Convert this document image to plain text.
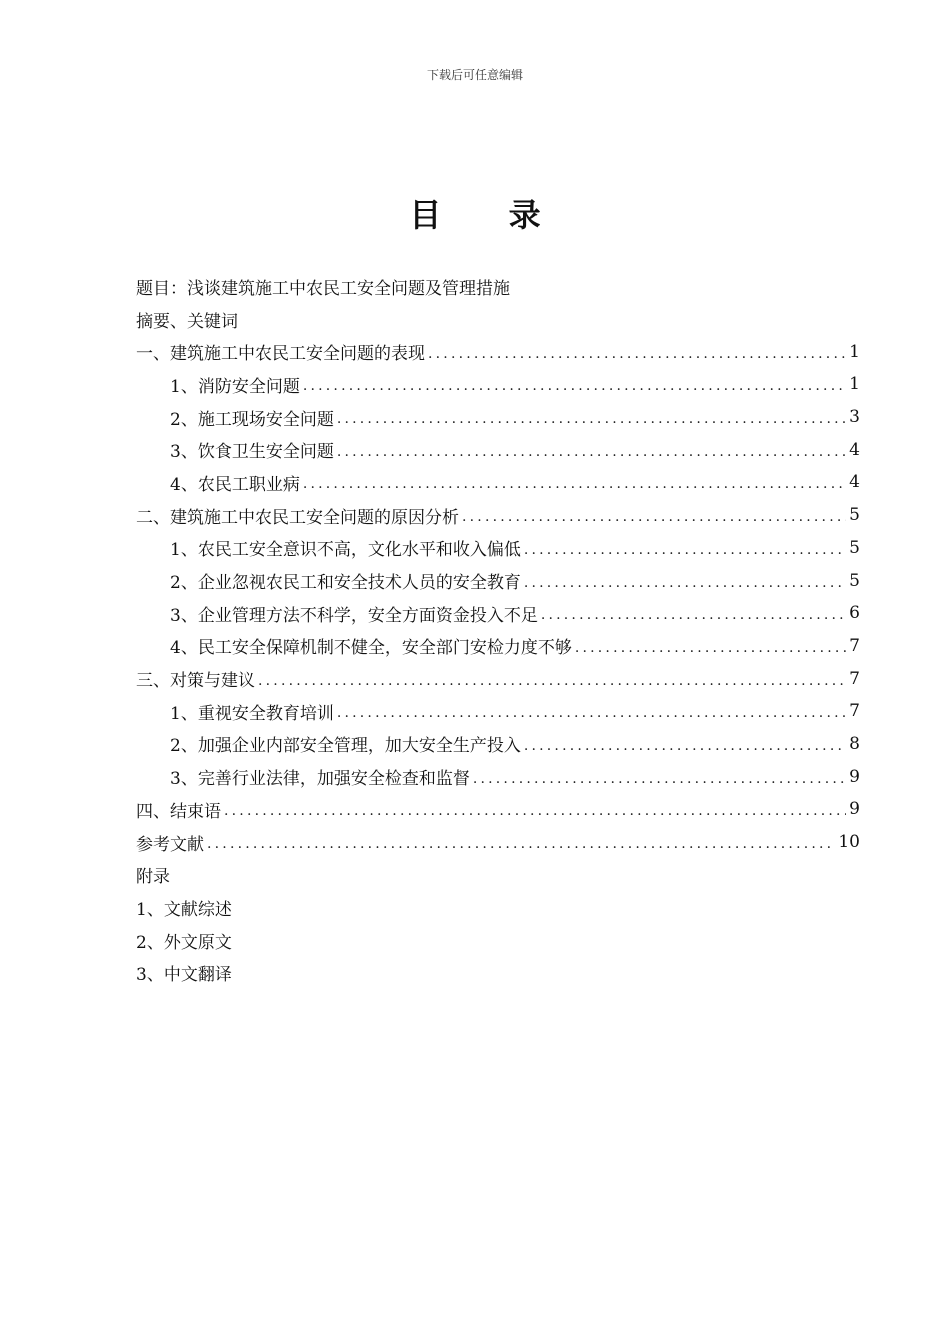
下载后可任意编辑
目 录
题目：浅谈建筑施工中农民工安全问题及管理措施
摘要、关键词
一、建筑施工中农民工安全问题的表现 .....	1
1、消防安全问题 .....	1
2、施工现场安全问题 .....	3
3、饮食卫生安全问题 .....	4
4、农民工职业病 .....	4
二、建筑施工中农民工安全问题的原因分析 .....	5
1、农民工安全意识不高，文化水平和收入偏低 .....	5
2、企业忽视农民工和安全技术人员的安全教育 .....	5
3、企业管理方法不科学，安全方面资金投入不足 .....	6
4、民工安全保障机制不健全，安全部门安检力度不够 .....	7
三、对策与建议 .....	7
1、重视安全教育培训 .....	7
2、加强企业内部安全管理，加大安全生产投入 .....	8
3、完善行业法律，加强安全检查和监督 .....	9
四、结束语 .....	9
参考文献 .....	10
附录
1、文献综述
2、外文原文
3、中文翻译
